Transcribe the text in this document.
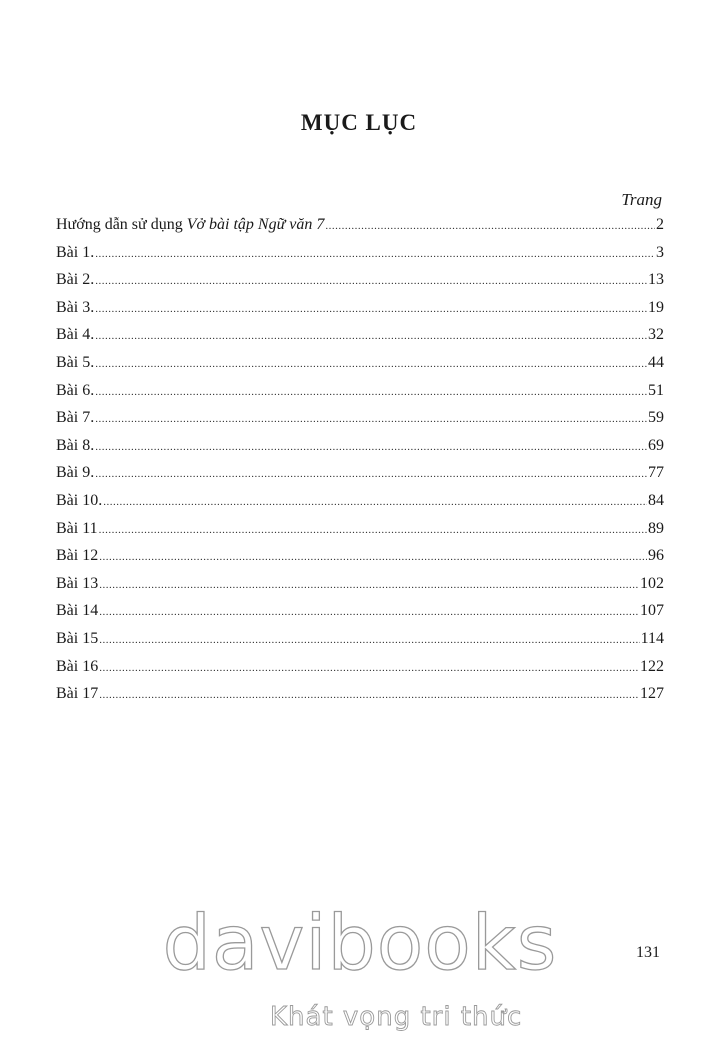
MỤC LỤC
Trang
Hướng dẫn sử dụng Vở bài tập Ngữ văn 7 .....	2
Bài 1. .....	3
Bài 2. .....	13
Bài 3. .....	19
Bài 4. .....	32
Bài 5. .....	44
Bài 6. .....	51
Bài 7. .....	59
Bài 8. .....	69
Bài 9. .....	77
Bài 10. .....	84
Bài 11 .....	89
Bài 12 .....	96
Bài 13 .....	102
Bài 14 .....	107
Bài 15 .....	114
Bài 16 .....	122
Bài 17 .....	127
131
davibooks
Khát vọng tri thức
